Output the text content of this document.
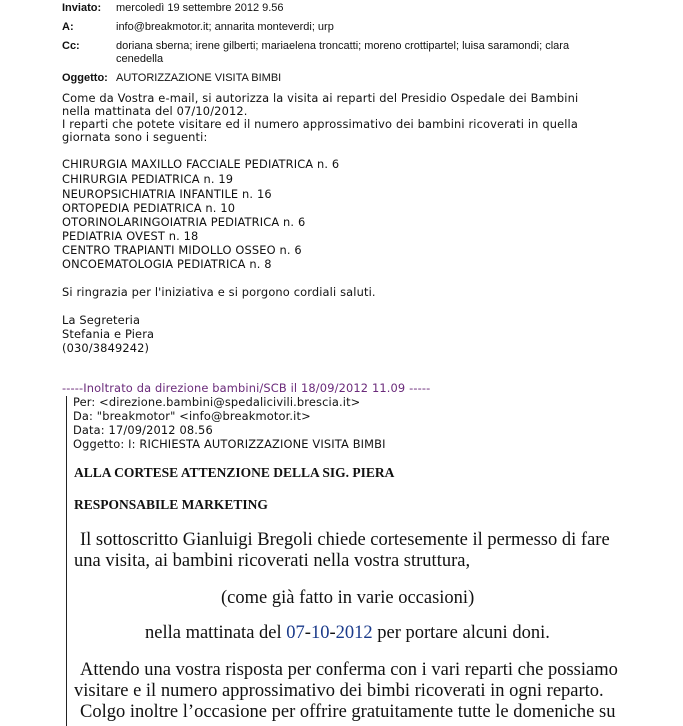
Inviato: mercoledì 19 settembre 2012 9.56
A:	info@breakmotor.it; annarita monteverdi; urp
Cc:	doriana sberna; irene gilberti; mariaelena troncatti; moreno crottipartel; luisa saramondi; clara
cenedella
Oggetto: AUTORIZZAZIONE VISITA BIMBI
Come da Vostra e-mail, si autorizza la visita ai reparti del Presidio Ospedale dei Bambini
nella mattinata del 07/10/2012.
I reparti che potete visitare ed il numero approssimativo dei bambini ricoverati in quella
giornata sono i seguenti:
CHIRURGIA MAXILLO FACCIALE PEDIATRICA n. 6
CHIRURGIA PEDIATRICA n. 19
NEUROPSICHIATRIA INFANTILE n. 16
ORTOPEDIA PEDIATRICA n. 10
OTORINOLARINGOIATRIA PEDIATRICA n. 6
PEDIATRIA OVEST n. 18
CENTRO TRAPIANTI MIDOLLO OSSEO n. 6
ONCOEMATOLOGIA PEDIATRICA n. 8
Si ringrazia per l'iniziativa e si porgono cordiali saluti.
La Segreteria
Stefania e Piera
(030/3849242)
-----Inoltrato da direzione bambini/SCB il 18/09/2012 11.09 -----
Per: <direzione.bambini@spedalicivili.brescia.it>
Da: "breakmotor" <info@breakmotor.it>
Data: 17/09/2012 08.56
Oggetto: I: RICHIESTA AUTORIZZAZIONE VISITA BIMBI
ALLA CORTESE ATTENZIONE DELLA SIG. PIERA
RESPONSABILE MARKETING
Il sottoscritto Gianluigi Bregoli chiede cortesemente il permesso di fare
una visita, ai bambini ricoverati nella vostra struttura,
(come già fatto in varie occasioni)
nella mattinata del 07-10-2012 per portare alcuni doni.
Attendo una vostra risposta per conferma con i vari reparti che possiamo
visitare e il numero approssimativo dei bimbi ricoverati in ogni reparto.
Colgo inoltre l’occasione per offrire gratuitamente tutte le domeniche su
